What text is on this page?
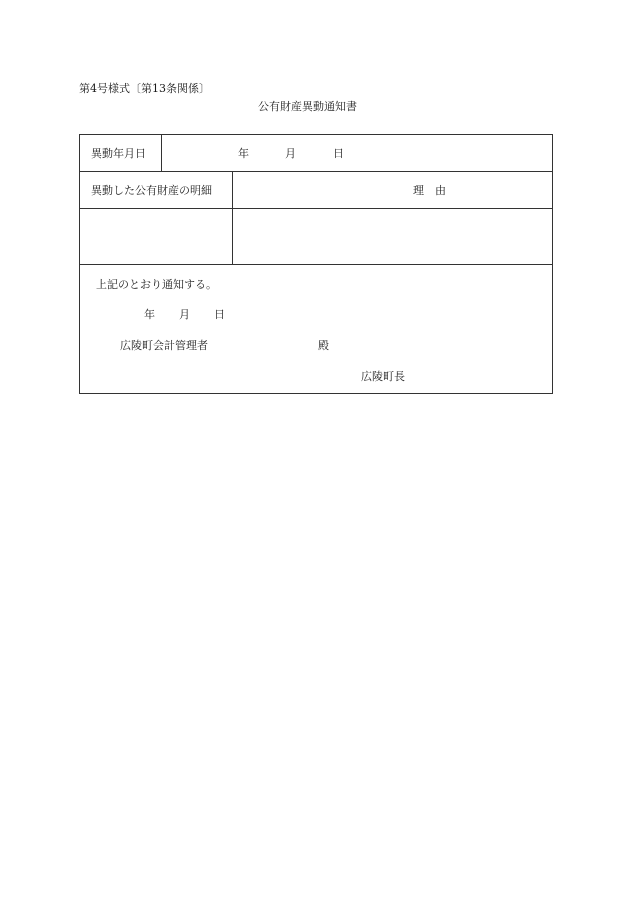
第4号様式〔第13条関係〕
公有財産異動通知書
異動年月日	年	月	日
異動した公有財産の明細	理　由
上記のとおり通知する。
年 月 日
広陵町会計管理者	殿
広陵町長
